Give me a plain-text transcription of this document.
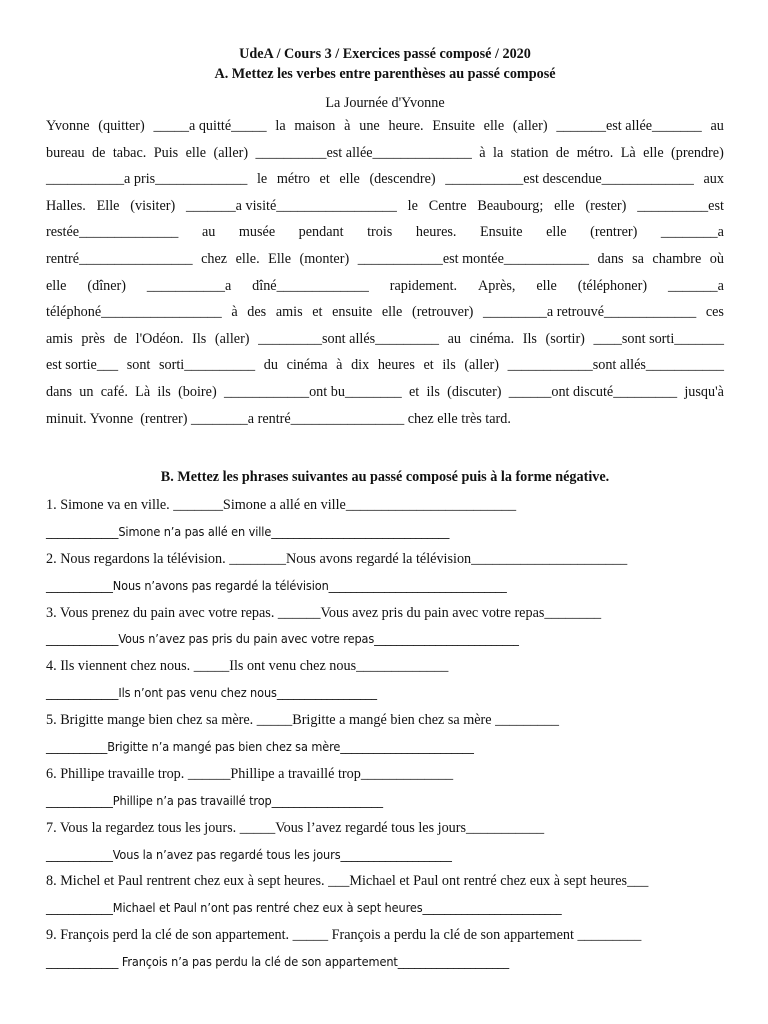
UdeA / Cours 3 / Exercices passé composé / 2020
A. Mettez les verbes entre parenthèses au passé composé
La Journée d'Yvonne
Yvonne (quitter) _____a quitté_____ la maison à une heure. Ensuite elle (aller) _______est allée_______ au
bureau de tabac. Puis elle (aller) __________est allée______________ à la station de métro. Là elle (prendre)
___________a pris_____________ le métro et elle (descendre) ___________est descendue_____________ aux
Halles. Elle (visiter) _______a visité_________________ le Centre Beaubourg; elle (rester) __________est
restée______________ au musée pendant trois heures. Ensuite elle (rentrer) ________a
rentré________________ chez elle. Elle (monter) ____________est montée____________ dans sa chambre où
elle (dîner) ___________a dîné_____________ rapidement. Après, elle (téléphoner) _______a
téléphoné_________________ à des amis et ensuite elle (retrouver) _________a retrouvé_____________ ces
amis près de l'Odéon. Ils (aller) _________sont allés_________ au cinéma. Ils (sortir) ____sont sorti_______
est sortie___ sont sorti__________ du cinéma à dix heures et ils (aller) ____________sont allés___________
dans un café. Là ils (boire) ____________ont bu________ et ils (discuter) ______ont discuté_________ jusqu'à
minuit. Yvonne  (rentrer) ________a rentré________________ chez elle très tard.
B. Mettez les phrases suivantes au passé composé puis à la forme négative.
1. Simone va en ville. _______Simone a allé en ville________________________
_____________Simone n’a pas allé en ville________________________________
2. Nous regardons la télévision. ________Nous avons regardé la télévision______________________
____________Nous n’avons pas regardé la télévision________________________________
3. Vous prenez du pain avec votre repas. ______Vous avez pris du pain avec votre repas________
_____________Vous n’avez pas pris du pain avec votre repas__________________________
4. Ils viennent chez nous. _____Ils ont venu chez nous_____________
_____________Ils n’ont pas venu chez nous__________________
5. Brigitte mange bien chez sa mère. _____Brigitte a mangé bien chez sa mère _________
___________Brigitte n’a mangé pas bien chez sa mère________________________
6. Phillipe travaille trop. ______Phillipe a travaillé trop_____________
____________Phillipe n’a pas travaillé trop____________________
7. Vous la regardez tous les jours. _____Vous l’avez regardé tous les jours___________
____________Vous la n’avez pas regardé tous les jours____________________
8. Michel et Paul rentrent chez eux à sept heures. ___Michael et Paul ont rentré chez eux à sept heures___
____________Michael et Paul n’ont pas rentré chez eux à sept heures_________________________
9. François perd la clé de son appartement. _____ François a perdu la clé de son appartement _________
_____________ François n’a pas perdu la clé de son appartement____________________
